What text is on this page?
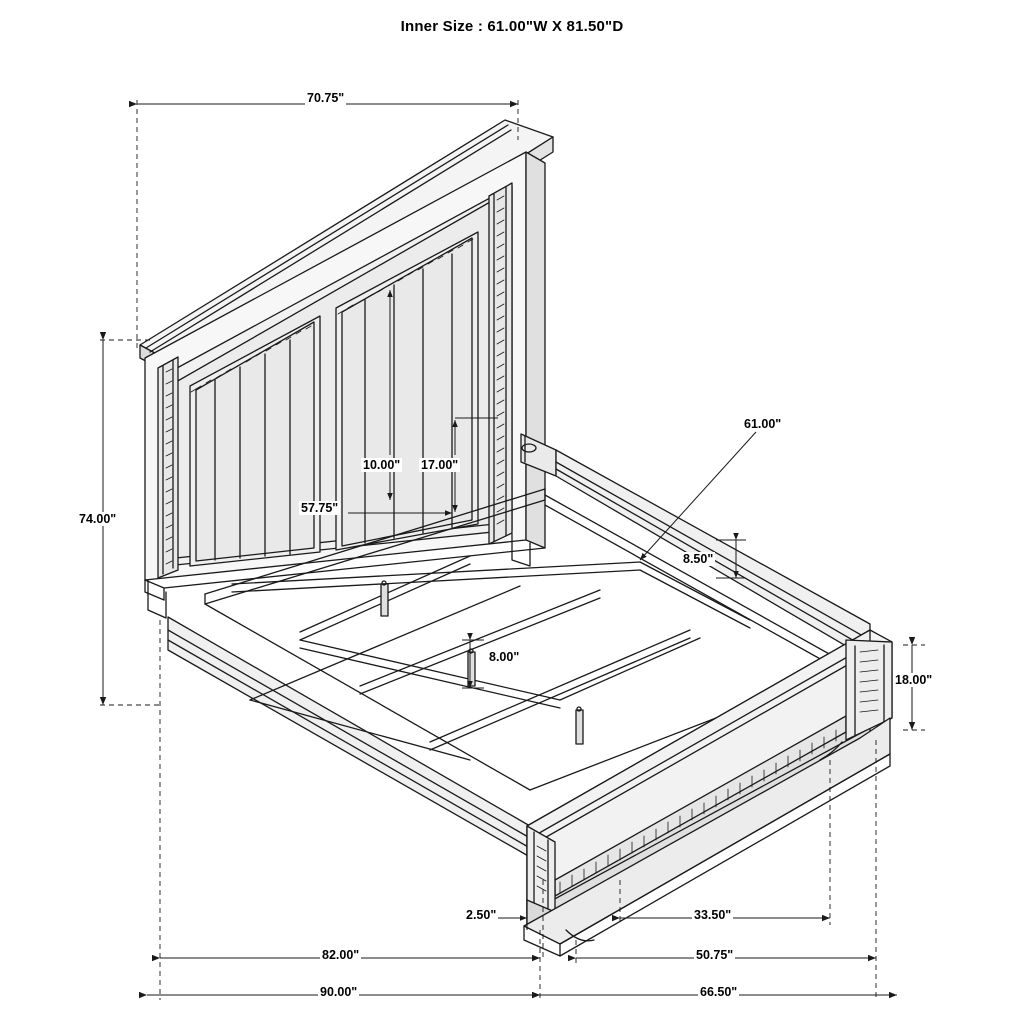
Inner Size : 61.00"W X 81.50"D
70.75"
74.00"
57.75"
10.00" 17.00"
61.00"
8.50"
8.00"
18.00"
2.50"	33.50"
82.00"	50.75"
90.00"	66.50"
